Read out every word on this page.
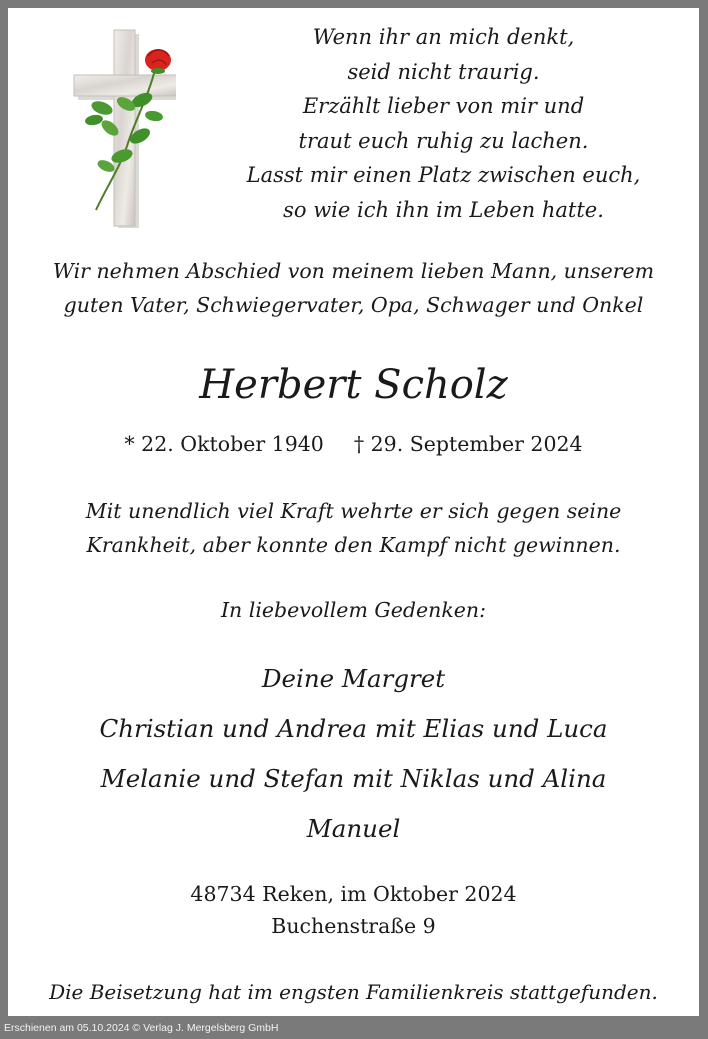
Wenn ihr an mich denkt,
seid nicht traurig.
Erzählt lieber von mir und
traut euch ruhig zu lachen.
Lasst mir einen Platz zwischen euch,
so wie ich ihn im Leben hatte.
Wir nehmen Abschied von meinem lieben Mann, unserem
guten Vater, Schwiegervater, Opa, Schwager und Onkel
Herbert Scholz
* 22. Oktober 1940 † 29. September 2024
Mit unendlich viel Kraft wehrte er sich gegen seine
Krankheit, aber konnte den Kampf nicht gewinnen.
In liebevollem Gedenken:
Deine Margret
Christian und Andrea mit Elias und Luca
Melanie und Stefan mit Niklas und Alina
Manuel
48734 Reken, im Oktober 2024
Buchenstraße 9
Die Beisetzung hat im engsten Familienkreis stattgefunden.
Erschienen am 05.10.2024 © Verlag J. Mergelsberg GmbH
